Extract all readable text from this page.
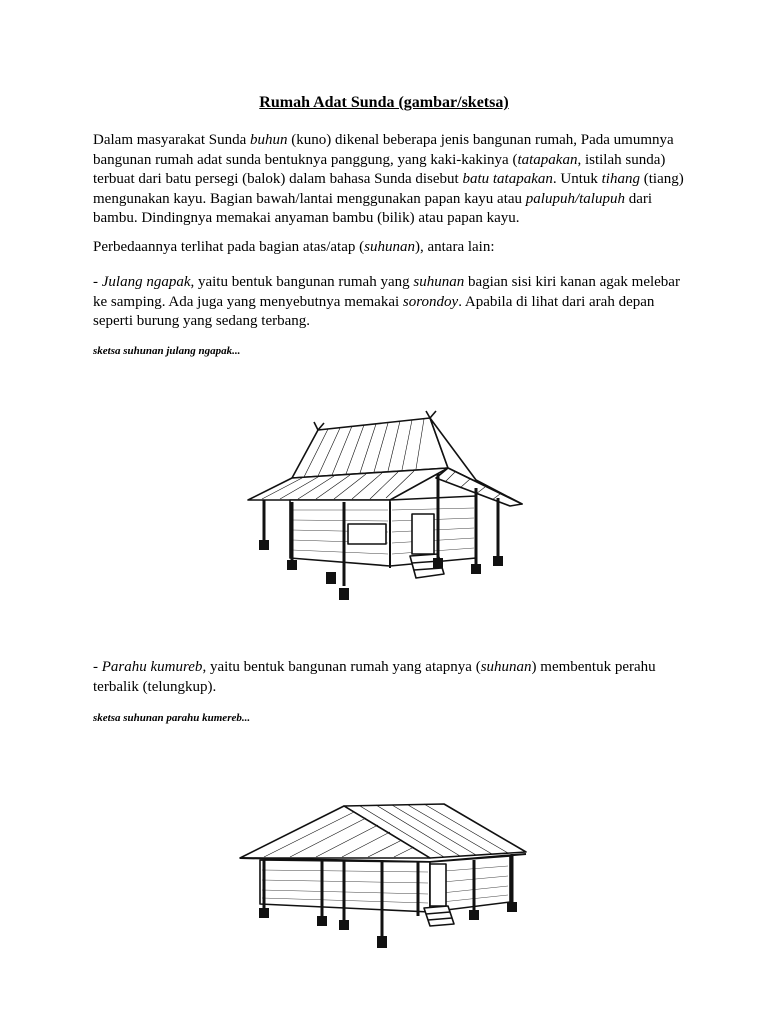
Rumah Adat Sunda (gambar/sketsa)
Dalam masyarakat Sunda buhun (kuno) dikenal beberapa jenis bangunan rumah, Pada umumnya bangunan rumah adat sunda bentuknya panggung, yang kaki-kakinya (tatapakan, istilah sunda) terbuat dari batu persegi (balok) dalam bahasa Sunda disebut batu tatapakan. Untuk tihang (tiang) mengunakan kayu. Bagian bawah/lantai menggunakan papan kayu atau palupuh/talupuh dari bambu. Dindingnya memakai anyaman bambu (bilik) atau papan kayu.
Perbedaannya terlihat pada bagian atas/atap (suhunan), antara lain:
- Julang ngapak, yaitu bentuk bangunan rumah yang suhunan bagian sisi kiri kanan agak melebar ke samping. Ada juga yang menyebutnya memakai sorondoy. Apabila di lihat dari arah depan seperti burung yang sedang terbang.
sketsa suhunan julang ngapak...
- Parahu kumureb, yaitu bentuk bangunan rumah yang atapnya (suhunan) membentuk perahu terbalik (telungkup).
sketsa suhunan parahu kumereb...
